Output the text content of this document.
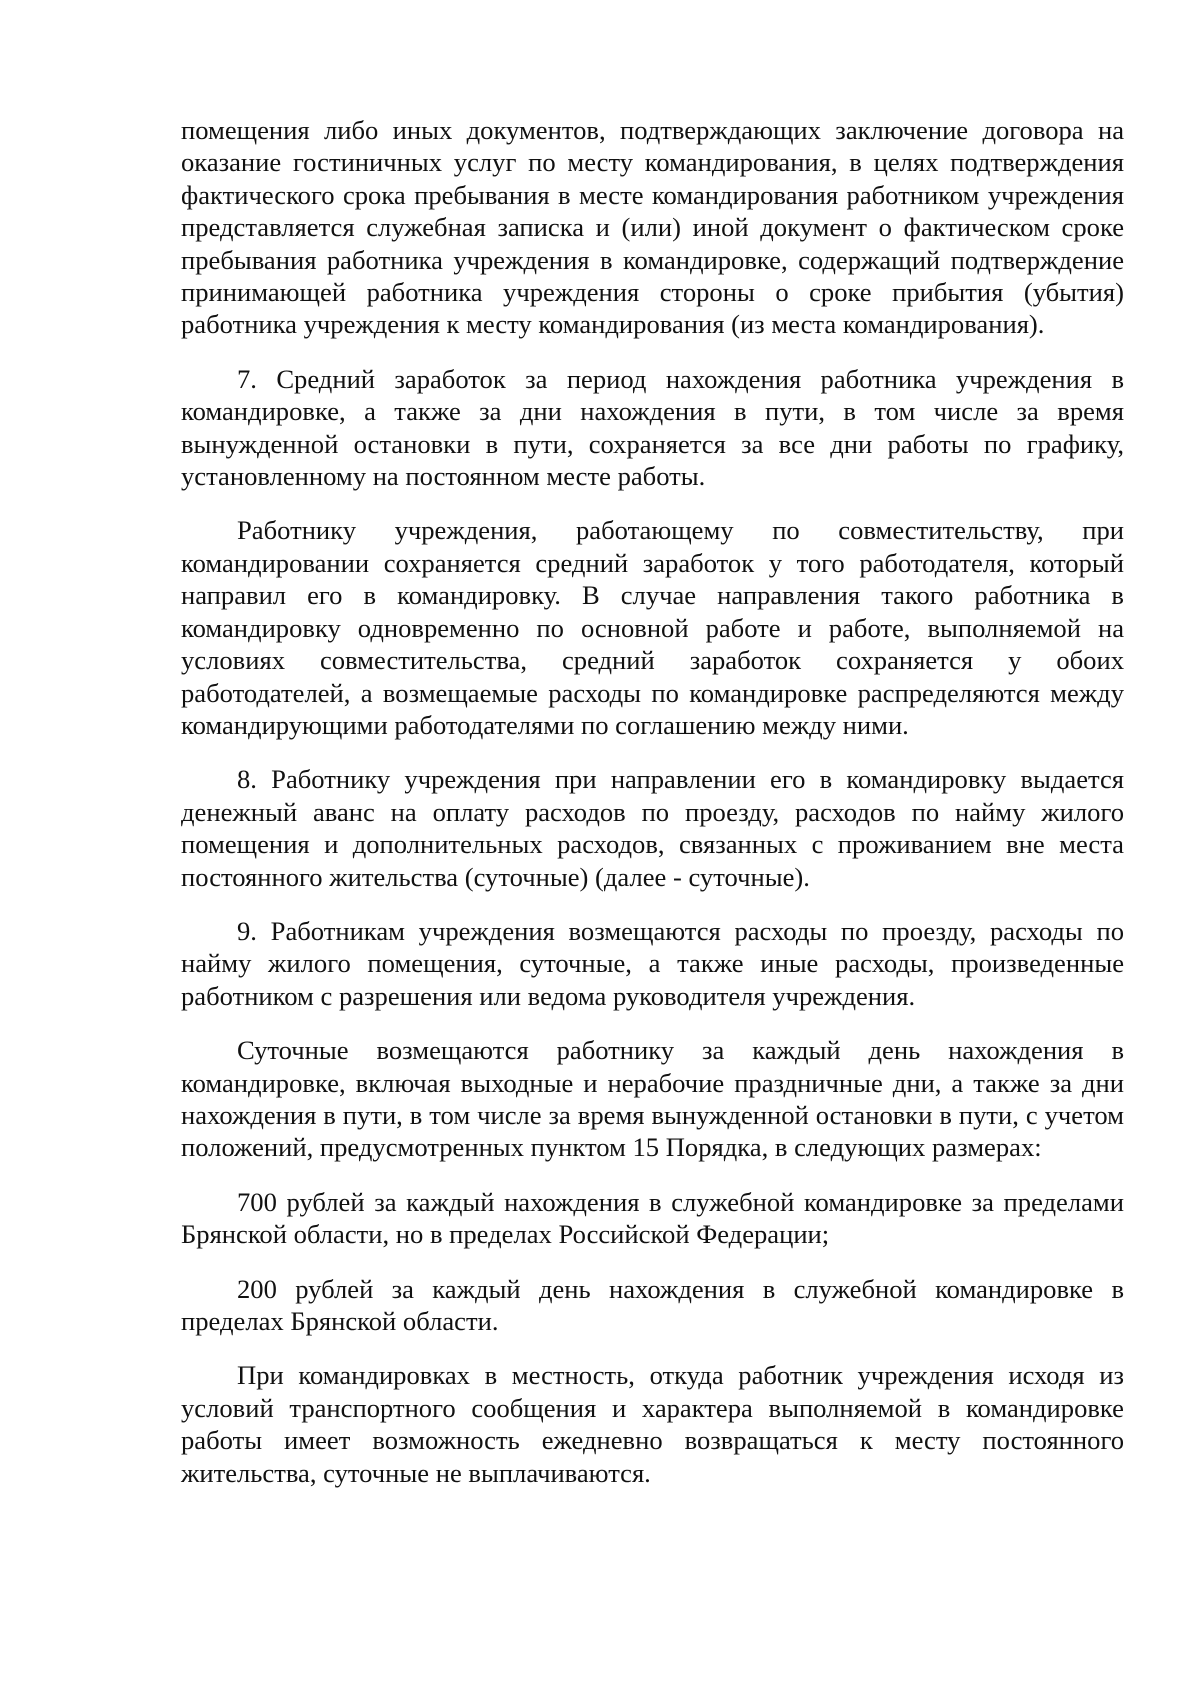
помещения либо иных документов, подтверждающих заключение договора на оказание гостиничных услуг по месту командирования, в целях подтверждения фактического срока пребывания в месте командирования работником учреждения представляется служебная записка и (или) иной документ о фактическом сроке пребывания работника учреждения в командировке, содержащий подтверждение принимающей работника учреждения стороны о сроке прибытия (убытия) работника учреждения к месту командирования (из места командирования).

7. Средний заработок за период нахождения работника учреждения в командировке, а также за дни нахождения в пути, в том числе за время вынужденной остановки в пути, сохраняется за все дни работы по графику, установленному на постоянном месте работы.

Работнику учреждения, работающему по совместительству, при командировании сохраняется средний заработок у того работодателя, который направил его в командировку. В случае направления такого работника в командировку одновременно по основной работе и работе, выполняемой на условиях совместительства, средний заработок сохраняется у обоих работодателей, а возмещаемые расходы по командировке распределяются между командирующими работодателями по соглашению между ними.

8. Работнику учреждения при направлении его в командировку выдается денежный аванс на оплату расходов по проезду, расходов по найму жилого помещения и дополнительных расходов, связанных с проживанием вне места постоянного жительства (суточные) (далее - суточные).

9. Работникам учреждения возмещаются расходы по проезду, расходы по найму жилого помещения, суточные, а также иные расходы, произведенные работником с разрешения или ведома руководителя учреждения.

Суточные возмещаются работнику за каждый день нахождения в командировке, включая выходные и нерабочие праздничные дни, а также за дни нахождения в пути, в том числе за время вынужденной остановки в пути, с учетом положений, предусмотренных пунктом 15 Порядка, в следующих размерах:

700 рублей за каждый нахождения в служебной командировке за пределами Брянской области, но в пределах Российской Федерации;

200 рублей за каждый день нахождения в служебной командировке в пределах Брянской области.

При командировках в местность, откуда работник учреждения исходя из условий транспортного сообщения и характера выполняемой в командировке работы имеет возможность ежедневно возвращаться к месту постоянного жительства, суточные не выплачиваются.
